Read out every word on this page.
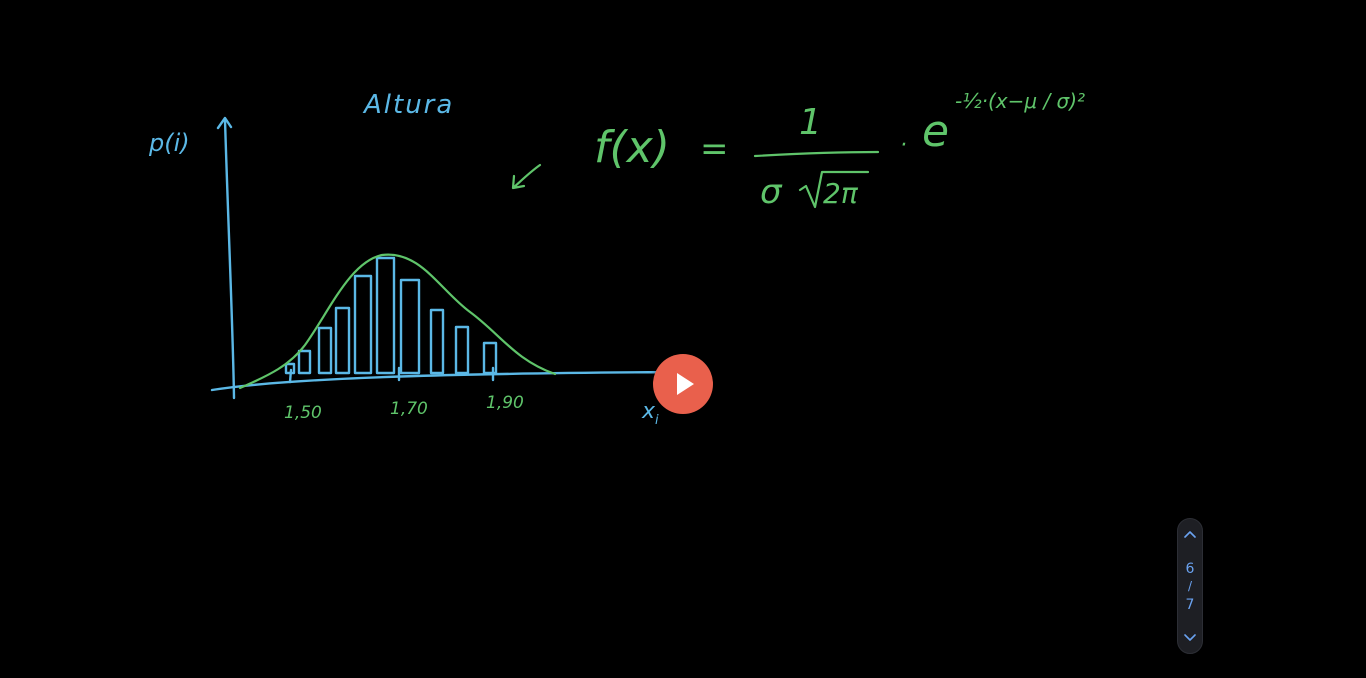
p(i)
Altura
$x_i$
1,50	1,70	1,90
f(x) =
1
σ 2π
· e
-½·(x−μ / σ)²
6
/
7
